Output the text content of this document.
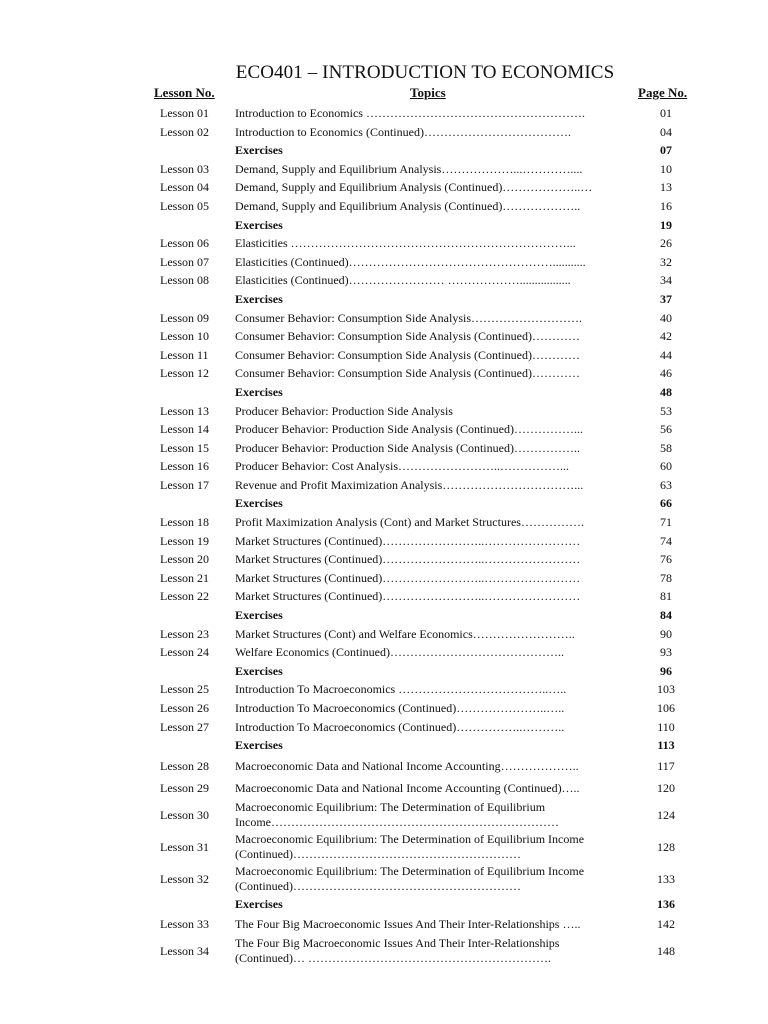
ECO401 – INTRODUCTION TO ECONOMICS
Lesson No.	Topics	Page No.
Lesson 01	Introduction to Economics ……………………………………………….	01
Lesson 02	Introduction to Economics (Continued)……………………………….	04
Exercises	07
Lesson 03	Demand, Supply and Equilibrium Analysis………………...…………....	10
Lesson 04	Demand, Supply and Equilibrium Analysis (Continued)………………..…	13
Lesson 05	Demand, Supply and Equilibrium Analysis (Continued)………………..	16
Exercises	19
Lesson 06	Elasticities ……………………………………………………………...	26
Lesson 07	Elasticities (Continued)……………………………………………...........	32
Lesson 08	Elasticities (Continued)…………………… ……………….................	34
Exercises	37
Lesson 09	Consumer Behavior: Consumption Side Analysis……………………….	40
Lesson 10	Consumer Behavior: Consumption Side Analysis (Continued)…………	42
Lesson 11	Consumer Behavior: Consumption Side Analysis (Continued)…………	44
Lesson 12	Consumer Behavior: Consumption Side Analysis (Continued)…………	46
Exercises	48
Lesson 13	Producer Behavior: Production Side Analysis	53
Lesson 14	Producer Behavior: Production Side Analysis (Continued)……………...	56
Lesson 15	Producer Behavior: Production Side Analysis (Continued)……………..	58
Lesson 16	Producer Behavior: Cost Analysis……………………..……………...	60
Lesson 17	Revenue and Profit Maximization Analysis……………………………...	63
Exercises	66
Lesson 18	Profit Maximization Analysis (Cont) and Market Structures…………….	71
Lesson 19	Market Structures (Continued)……………………..……………………	74
Lesson 20	Market Structures (Continued)……………………..……………………	76
Lesson 21	Market Structures (Continued)……………………..……………………	78
Lesson 22	Market Structures (Continued)……………………..……………………	81
Exercises	84
Lesson 23	Market Structures (Cont) and Welfare Economics……………………..	90
Lesson 24	Welfare Economics (Continued)……………………………………..	93
Exercises	96
Lesson 25	Introduction To Macroeconomics ………………………………..…..	103
Lesson 26	Introduction To Macroeconomics (Continued)…………………..…..	106
Lesson 27	Introduction To Macroeconomics (Continued)……………..………..	110
Exercises	113
Lesson 28	Macroeconomic Data and National Income Accounting………………..	117
Lesson 29	Macroeconomic Data and National Income Accounting (Continued)…..	120
Lesson 30
Macroeconomic Equilibrium: The Determination of Equilibrium Income………………………………………………………………	124
Lesson 31
Macroeconomic Equilibrium: The Determination of Equilibrium Income (Continued)…………………………………………………	128
Lesson 32
Macroeconomic Equilibrium: The Determination of Equilibrium Income (Continued)…………………………………………………	133
Exercises	136
Lesson 33	The Four Big Macroeconomic Issues And Their Inter-Relationships …..	142
Lesson 34
The Four Big Macroeconomic Issues And Their Inter-Relationships (Continued)… …………………………………………………….	148
